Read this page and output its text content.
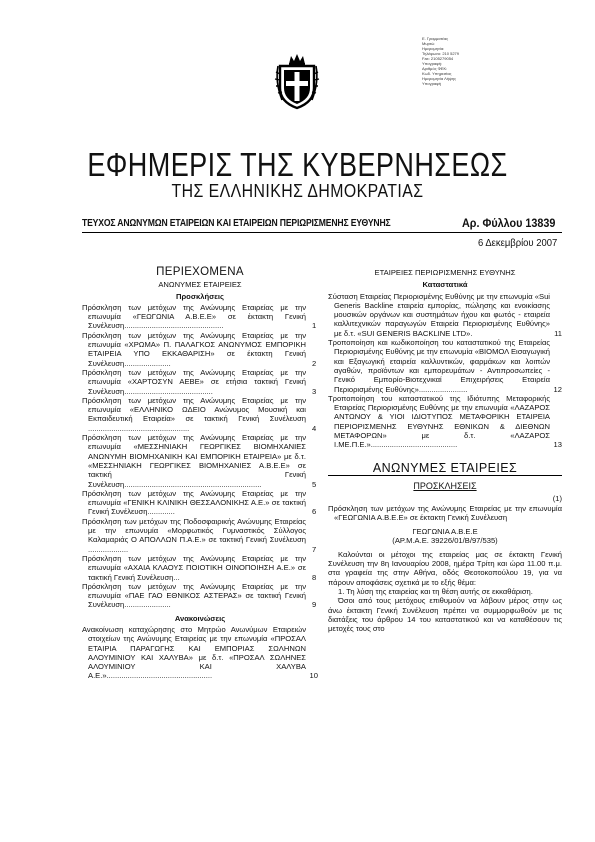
Ε. Γραμματέας
Μυρτώ
Ημερομηνία:
Τηλέφωνο: 210 5279
Fax: 2105279054
Υπογραφή:
Αριθμός ΦΕΚ:
Κωδ. Υπηρεσίας
Ημερομηνία Λήψης
Υπογραφή
ΕΦΗΜΕΡΙΣ ΤΗΣ ΚΥΒΕΡΝΗΣΕΩΣ
ΤΗΣ ΕΛΛΗΝΙΚΗΣ ΔΗΜΟΚΡΑΤΙΑΣ
ΤΕΥΧΟΣ ΑΝΩΝΥΜΩΝ ΕΤΑΙΡΕΙΩΝ ΚΑΙ ΕΤΑΙΡΕΙΩΝ ΠΕΡΙΩΡΙΣΜΕΝΗΣ ΕΥΘΥΝΗΣ	Αρ. Φύλλου 13839
6 Δεκεμβρίου 2007
ΠΕΡΙΕΧΟΜΕΝΑ
ΑΝΩΝΥΜΕΣ ΕΤΑΙΡΕΙΕΣ
Προσκλήσεις
Πρόσκληση των μετόχων της Ανώνυμης Εταιρείας με την επωνυμία «ΓΕΩΓΩΝΙΑ Α.Β.Ε.Ε» σε έκτακτη Γενική Συνέλευση...............................................	1
Πρόσκληση των μετόχων της Ανώνυμης Εταιρείας με την επωνυμία «ΧΡΩΜΑ» Π. ΠΑΛΑΓΚΟΣ ΑΝΩΝΥΜΟΣ ΕΜΠΟΡΙΚΗ ΕΤΑΙΡΕΙΑ ΥΠΟ ΕΚΚΑΘΑΡΙΣΗ» σε έκτακτη Γενική Συνέλευση......................	2
Πρόσκληση των μετόχων της Ανώνυμης Εταιρείας με την επωνυμία «ΧΑΡΤΟΣΥΝ ΑΕΒΕ» σε ετήσια τακτική Γενική Συνέλευση..........................................	3
Πρόσκληση των μετόχων της Ανώνυμης Εταιρείας με την επωνυμία «ΕΛΛΗΝΙΚΟ ΩΔΕΙΟ Ανώνυμος Μουσική και Εκπαιδευτική Εταιρεία» σε τακτική Γενική Συνέλευση ................................................	4
Πρόσκληση των μετόχων της Ανώνυμης Εταιρείας με την επωνυμία «ΜΕΣΣΗΝΙΑΚΗ ΓΕΩΡΓΙΚΕΣ ΒΙΟΜΗΧΑΝΙΕΣ ΑΝΩΝΥΜΗ ΒΙΟΜΗΧΑΝΙΚΗ ΚΑΙ ΕΜΠΟΡΙΚΗ ΕΤΑΙΡΕΙΑ» με δ.τ. «ΜΕΣΣΗΝΙΑΚΗ ΓΕΩΡΓΙΚΕΣ ΒΙΟΜΗΧΑΝΙΕΣ Α.Β.Ε.Ε» σε τακτική Γενική Συνέλευση.................................................................	5
Πρόσκληση των μετόχων της Ανώνυμης Εταιρείας με την επωνυμία «ΓΕΝΙΚΗ ΚΛΙΝΙΚΗ ΘΕΣΣΑΛΟΝΙΚΗΣ Α.Ε.» σε τακτική Γενική Συνέλευση.............	6
Πρόσκληση των μετόχων της Ποδοσφαιρικής Ανώνυμης Εταιρείας με την επωνυμία «Μορφωτικός Γυμναστικός Σύλλογος Καλαμαριάς Ο ΑΠΟΛΛΩΝ Π.Α.Ε.» σε τακτική Γενική Συνέλευση ...................	7
Πρόσκληση των μετόχων της Ανώνυμης Εταιρείας με την επωνυμία «ΑΧΑΙΑ ΚΛΑΟΥΣ ΠΟΙΟΤΙΚΗ ΟΙΝΟΠΟΙΗΣΗ Α.Ε.» σε τακτική Γενική Συνέλευση...	8
Πρόσκληση των μετόχων της Ανώνυμης Εταιρείας με την επωνυμία «ΠΑΕ ΓΑΟ ΕΘΝΙΚΟΣ ΑΣΤΕΡΑΣ» σε τακτική Γενική Συνέλευση......................	9
Ανακοινώσεις
Ανακοίνωση καταχώρησης στο Μητρώο Ανωνύμων Εταιρειών στοιχείων της Ανώνυμης Εταιρείας με την επωνυμία «ΠΡΟΣΑΛ ΕΤΑΙΡΙΑ ΠΑΡΑΓΩΓΗΣ ΚΑΙ ΕΜΠΟΡΙΑΣ ΣΩΛΗΝΩΝ ΑΛΟΥΜΙΝΙΟΥ ΚΑΙ ΧΑΛΥΒΑ» με δ.τ. «ΠΡΟΣΑΛ ΣΩΛΗΝΕΣ ΑΛΟΥΜΙΝΙΟΥ ΚΑΙ ΧΑΛΥΒΑ Α.Ε.»..................................................	10
ΕΤΑΙΡΕΙΕΣ ΠΕΡΙΩΡΙΣΜΕΝΗΣ ΕΥΘΥΝΗΣ
Καταστατικά
Σύσταση Εταιρείας Περιορισμένης Ευθύνης με την επωνυμία «Sui Generis Backline εταιρεία εμπορίας, πώλησης και ενοικίασης μουσικών οργάνων και συστημάτων ήχου και φωτός - εταιρεία καλλιτεχνικών παραγωγών Εταιρεία Περιορισμένης Ευθύνης» με δ.τ. «SUI GENERIS BACKLINE LTD».	11
Τροποποίηση και κωδικοποίηση του καταστατικού της Εταιρείας Περιορισμένης Ευθύνης με την επωνυμία «ΒΙΟΜΟΛ Εισαγωγική και Εξαγωγική εταιρεία καλλυντικών, φαρμάκων και λοιπών αγαθών, προϊόντων και εμπορευμάτων - Αντιπροσωπείες - Γενικό Εμπορίο-Βιοτεχνικαί Επιχειρήσεις Εταιρεία Περιορισμένης Ευθύνης».......................	12
Τροποποίηση του καταστατικού της Ιδιότυπης Μεταφορικής Εταιρείας Περιορισμένης Ευθύνης με την επωνυμία «ΛΑΖΑΡΟΣ ΑΝΤΩΝΟΥ & ΥΙΟΙ ΙΔΙΟΤΥΠΟΣ ΜΕΤΑΦΟΡΙΚΗ ΕΤΑΙΡΕΙΑ ΠΕΡΙΟΡΙΣΜΕΝΗΣ ΕΥΘΥΝΗΣ ΕΘΝΙΚΩΝ & ΔΙΕΘΝΩΝ ΜΕΤΑΦΟΡΩΝ» με δ.τ. «ΛΑΖΑΡΟΣ Ι.ΜΕ.Π.Ε.».........................................	13
ΑΝΩΝΥΜΕΣ ΕΤΑΙΡΕΙΕΣ
ΠΡΟΣΚΛΗΣΕΙΣ
(1)
Πρόσκληση των μετόχων της Ανώνυμης Εταιρείας με την επωνυμία «ΓΕΩΓΩΝΙΑ Α.Β.Ε.Ε» σε έκτακτη Γενική Συνέλευση
ΓΕΩΓΩΝΙΑ Α.Β.Ε.Ε
(ΑΡ.Μ.Α.Ε. 39226/01/Β/97/535)
Καλούνται οι μέτοχοι της εταιρείας μας σε έκτακτη Γενική Συνέλευση την 8η Ιανουαρίου 2008, ημέρα Τρίτη και ώρα 11.00 π.μ. στα γραφεία της στην Αθήνα, οδός Θεοτοκοπούλου 19, για να πάρουν αποφάσεις σχετικά με το εξής θέμα:
1. Τη λύση της εταιρείας και τη θέση αυτής σε εκκαθάριση.
Όσοι από τους μετόχους επιθυμούν να λάβουν μέρος στην ως άνω έκτακτη Γενική Συνέλευση πρέπει να συμμορφωθούν με τις διατάξεις του άρθρου 14 του καταστατικού και να καταθέσουν τις μετοχές τους στο
